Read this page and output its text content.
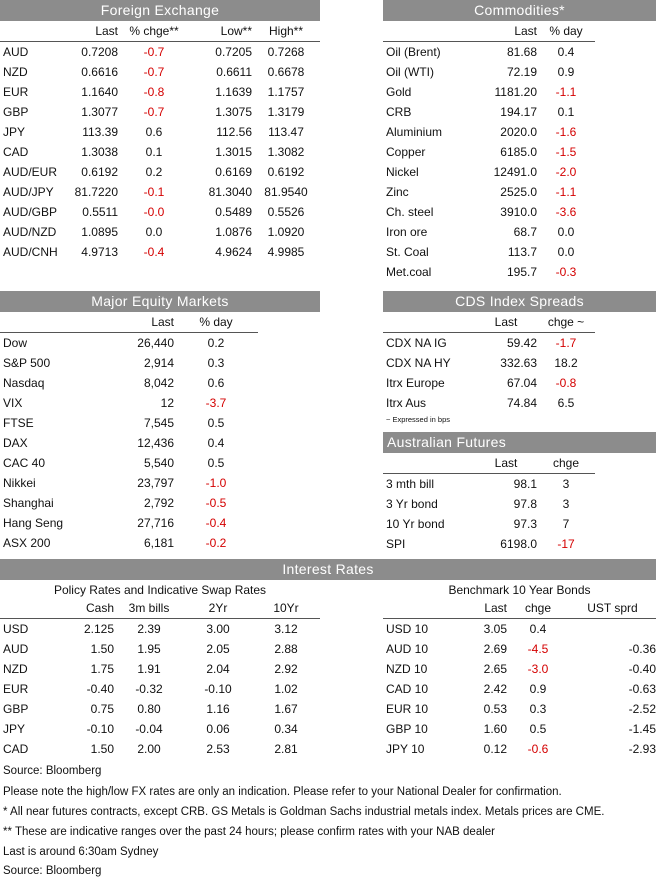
Foreign Exchange
	Last	% chge**	Low**	High**
AUD	0.7208	-0.7	0.7205	0.7268
NZD	0.6616	-0.7	0.6611	0.6678
EUR	1.1640	-0.8	1.1639	1.1757
GBP	1.3077	-0.7	1.3075	1.3179
JPY	113.39	0.6	112.56	113.47
CAD	1.3038	0.1	1.3015	1.3082
AUD/EUR	0.6192	0.2	0.6169	0.6192
AUD/JPY	81.7220	-0.1	81.3040	81.9540
AUD/GBP	0.5511	-0.0	0.5489	0.5526
AUD/NZD	1.0895	0.0	1.0876	1.0920
AUD/CNH	4.9713	-0.4	4.9624	4.9985
Commodities*
	Last	% day
Oil (Brent)	81.68	0.4
Oil (WTI)	72.19	0.9
Gold	1181.20	-1.1
CRB	194.17	0.1
Aluminium	2020.0	-1.6
Copper	6185.0	-1.5
Nickel	12491.0	-2.0
Zinc	2525.0	-1.1
Ch. steel	3910.0	-3.6
Iron ore	68.7	0.0
St. Coal	113.7	0.0
Met.coal	195.7	-0.3
Major Equity Markets
	Last	% day
Dow	26,440	0.2
S&P 500	2,914	0.3
Nasdaq	8,042	0.6
VIX	12	-3.7
FTSE	7,545	0.5
DAX	12,436	0.4
CAC 40	5,540	0.5
Nikkei	23,797	-1.0
Shanghai	2,792	-0.5
Hang Seng	27,716	-0.4
ASX 200	6,181	-0.2
CDS Index Spreads
	Last	chge ~
CDX NA IG	59.42	-1.7
CDX NA HY	332.63	18.2
Itrx Europe	67.04	-0.8
Itrx Aus	74.84	6.5
~ Expressed in bps
Australian Futures
	Last	chge
3 mth bill	98.1	3
3 Yr bond	97.8	3
10 Yr bond	97.3	7
SPI	6198.0	-17
Interest Rates
Policy Rates and Indicative Swap Rates
	Cash	3m bills	2Yr	10Yr
USD	2.125	2.39	3.00	3.12
AUD	1.50	1.95	2.05	2.88
NZD	1.75	1.91	2.04	2.92
EUR	-0.40	-0.32	-0.10	1.02
GBP	0.75	0.80	1.16	1.67
JPY	-0.10	-0.04	0.06	0.34
CAD	1.50	2.00	2.53	2.81
Benchmark 10 Year Bonds
	Last	chge	UST sprd
USD 10	3.05	0.4	
AUD 10	2.69	-4.5	-0.36
NZD 10	2.65	-3.0	-0.40
CAD 10	2.42	0.9	-0.63
EUR 10	0.53	0.3	-2.52
GBP 10	1.60	0.5	-1.45
JPY 10	0.12	-0.6	-2.93
Source: Bloomberg
Please note the high/low FX rates are only an indication. Please refer to your National Dealer for confirmation.
* All near futures contracts, except CRB. GS Metals is Goldman Sachs industrial metals index. Metals prices are CME.
** These are indicative ranges over the past 24 hours; please confirm rates with your NAB dealer
Last is around 6:30am Sydney
Source: Bloomberg
